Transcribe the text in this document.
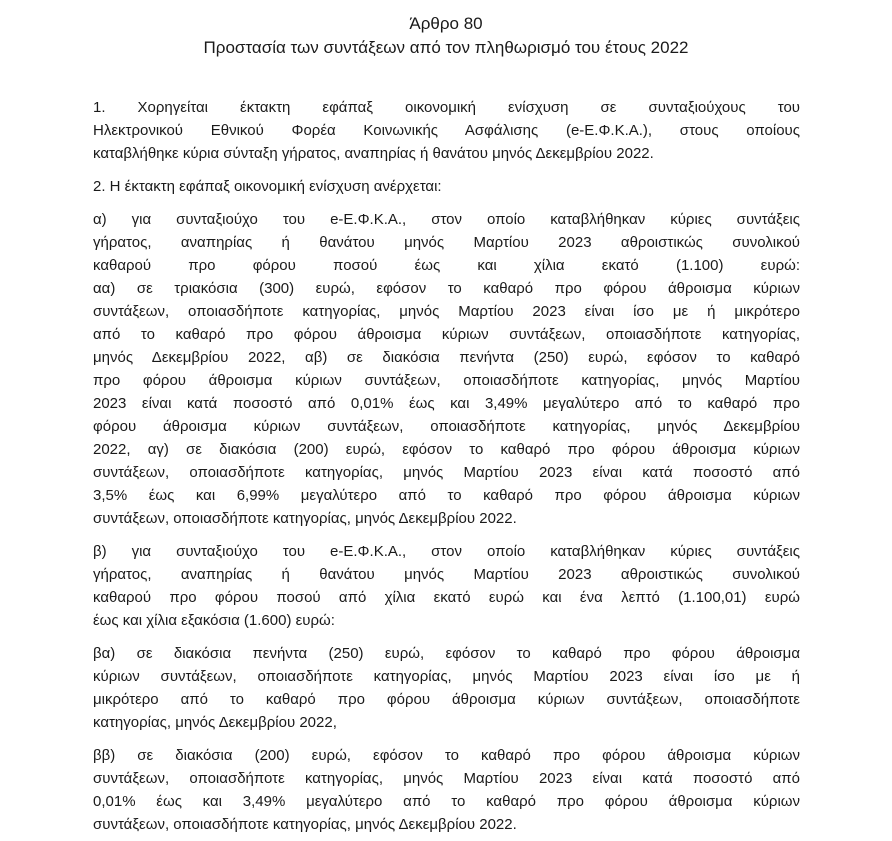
Άρθρο 80
Προστασία των συντάξεων από τον πληθωρισμό του έτους 2022
1. Χορηγείται έκτακτη εφάπαξ οικονομική ενίσχυση σε συνταξιούχους του
Ηλεκτρονικού Εθνικού Φορέα Κοινωνικής Ασφάλισης (e-Ε.Φ.Κ.Α.), στους οποίους
καταβλήθηκε κύρια σύνταξη γήρατος, αναπηρίας ή θανάτου μηνός Δεκεμβρίου 2022.
2. Η έκτακτη εφάπαξ οικονομική ενίσχυση ανέρχεται:
α) για συνταξιούχο του e-Ε.Φ.Κ.Α., στον οποίο καταβλήθηκαν κύριες συντάξεις
γήρατος, αναπηρίας ή θανάτου μηνός Μαρτίου 2023 αθροιστικώς συνολικού
καθαρού προ φόρου ποσού έως και χίλια εκατό (1.100) ευρώ:
αα) σε τριακόσια (300) ευρώ, εφόσον το καθαρό προ φόρου άθροισμα κύριων
συντάξεων, οποιασδήποτε κατηγορίας, μηνός Μαρτίου 2023 είναι ίσο με ή μικρότερο
από το καθαρό προ φόρου άθροισμα κύριων συντάξεων, οποιασδήποτε κατηγορίας,
μηνός Δεκεμβρίου 2022, αβ) σε διακόσια πενήντα (250) ευρώ, εφόσον το καθαρό
προ φόρου άθροισμα κύριων συντάξεων, οποιασδήποτε κατηγορίας, μηνός Μαρτίου
2023 είναι κατά ποσοστό από 0,01% έως και 3,49% μεγαλύτερο από το καθαρό προ
φόρου άθροισμα κύριων συντάξεων, οποιασδήποτε κατηγορίας, μηνός Δεκεμβρίου
2022, αγ) σε διακόσια (200) ευρώ, εφόσον το καθαρό προ φόρου άθροισμα κύριων
συντάξεων, οποιασδήποτε κατηγορίας, μηνός Μαρτίου 2023 είναι κατά ποσοστό από
3,5% έως και 6,99% μεγαλύτερο από το καθαρό προ φόρου άθροισμα κύριων
συντάξεων, οποιασδήποτε κατηγορίας, μηνός Δεκεμβρίου 2022.
β) για συνταξιούχο του e-Ε.Φ.Κ.Α., στον οποίο καταβλήθηκαν κύριες συντάξεις
γήρατος, αναπηρίας ή θανάτου μηνός Μαρτίου 2023 αθροιστικώς συνολικού
καθαρού προ φόρου ποσού από χίλια εκατό ευρώ και ένα λεπτό (1.100,01) ευρώ
έως και χίλια εξακόσια (1.600) ευρώ:
βα) σε διακόσια πενήντα (250) ευρώ, εφόσον το καθαρό προ φόρου άθροισμα
κύριων συντάξεων, οποιασδήποτε κατηγορίας, μηνός Μαρτίου 2023 είναι ίσο με ή
μικρότερο από το καθαρό προ φόρου άθροισμα κύριων συντάξεων, οποιασδήποτε
κατηγορίας, μηνός Δεκεμβρίου 2022,
ββ) σε διακόσια (200) ευρώ, εφόσον το καθαρό προ φόρου άθροισμα κύριων
συντάξεων, οποιασδήποτε κατηγορίας, μηνός Μαρτίου 2023 είναι κατά ποσοστό από
0,01% έως και 3,49% μεγαλύτερο από το καθαρό προ φόρου άθροισμα κύριων
συντάξεων, οποιασδήποτε κατηγορίας, μηνός Δεκεμβρίου 2022.
